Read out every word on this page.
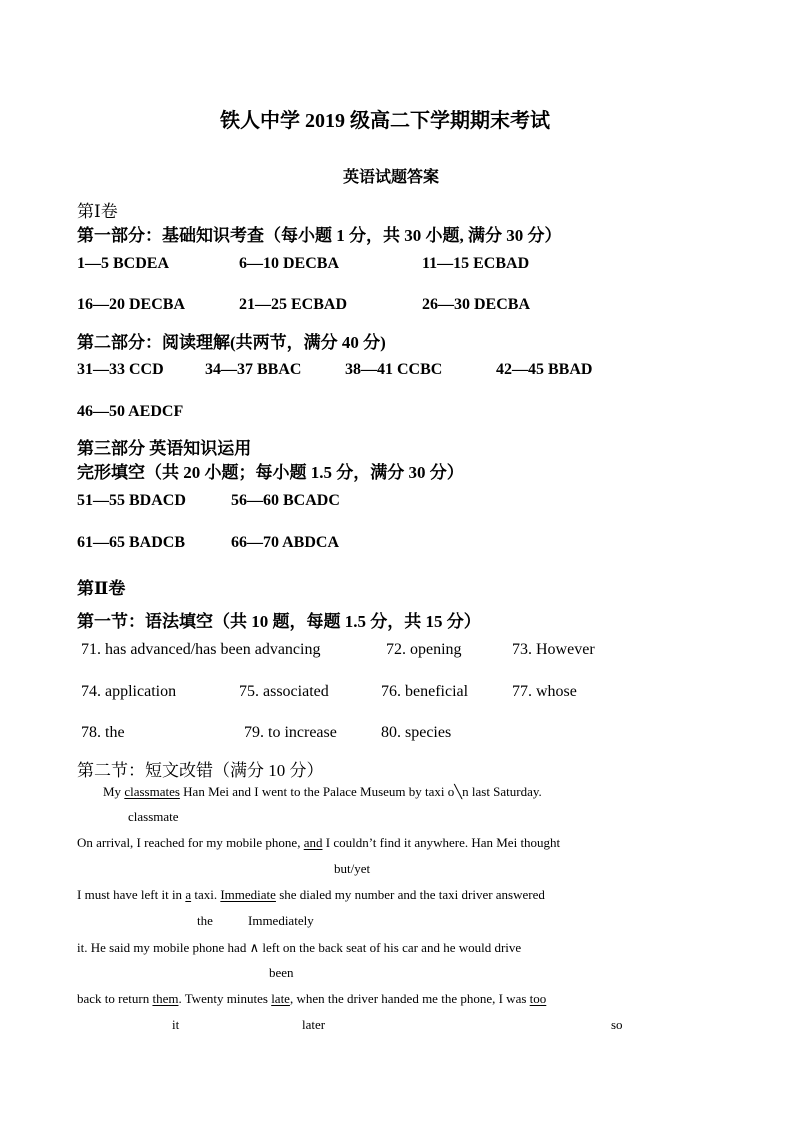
铁人中学 2019 级高二下学期期末考试
英语试题答案
第Ⅰ卷
第一部分：基础知识考查（每小题 1 分，共 30 小题, 满分 30 分）
1—5 BCDEA	6—10 DECBA	11—15 ECBAD
16—20 DECBA	21—25 ECBAD	26—30 DECBA
第二部分：阅读理解(共两节，满分 40 分)
31—33 CCD	34—37 BBAC	38—41 CCBC	42—45 BBAD
46—50 AEDCF
第三部分 英语知识运用
完形填空（共 20 小题；每小题 1.5 分，满分 30 分）
51—55 BDACD	56—60 BCADC
61—65 BADCB	66—70 ABDCA
第Ⅱ卷
第一节：语法填空（共 10 题，每题 1.5 分，共 15 分）
71. has advanced/has been advancing	72. opening	73. However
74. application	75. associated	76. beneficial	77. whose
78. the	79. to increase	80. species
第二节：短文改错（满分 10 分）
My classmates Han Mei and I went to the Palace Museum by taxi o╲n last Saturday.
classmate
On arrival, I reached for my mobile phone, and I couldn’t find it anywhere. Han Mei thought
but/yet
I must have left it in a taxi. Immediate she dialed my number and the taxi driver answered
the	Immediately
it. He said my mobile phone had ∧ left on the back seat of his car and he would drive
been
back to return them. Twenty minutes late, when the driver handed me the phone, I was too
it	later	so
